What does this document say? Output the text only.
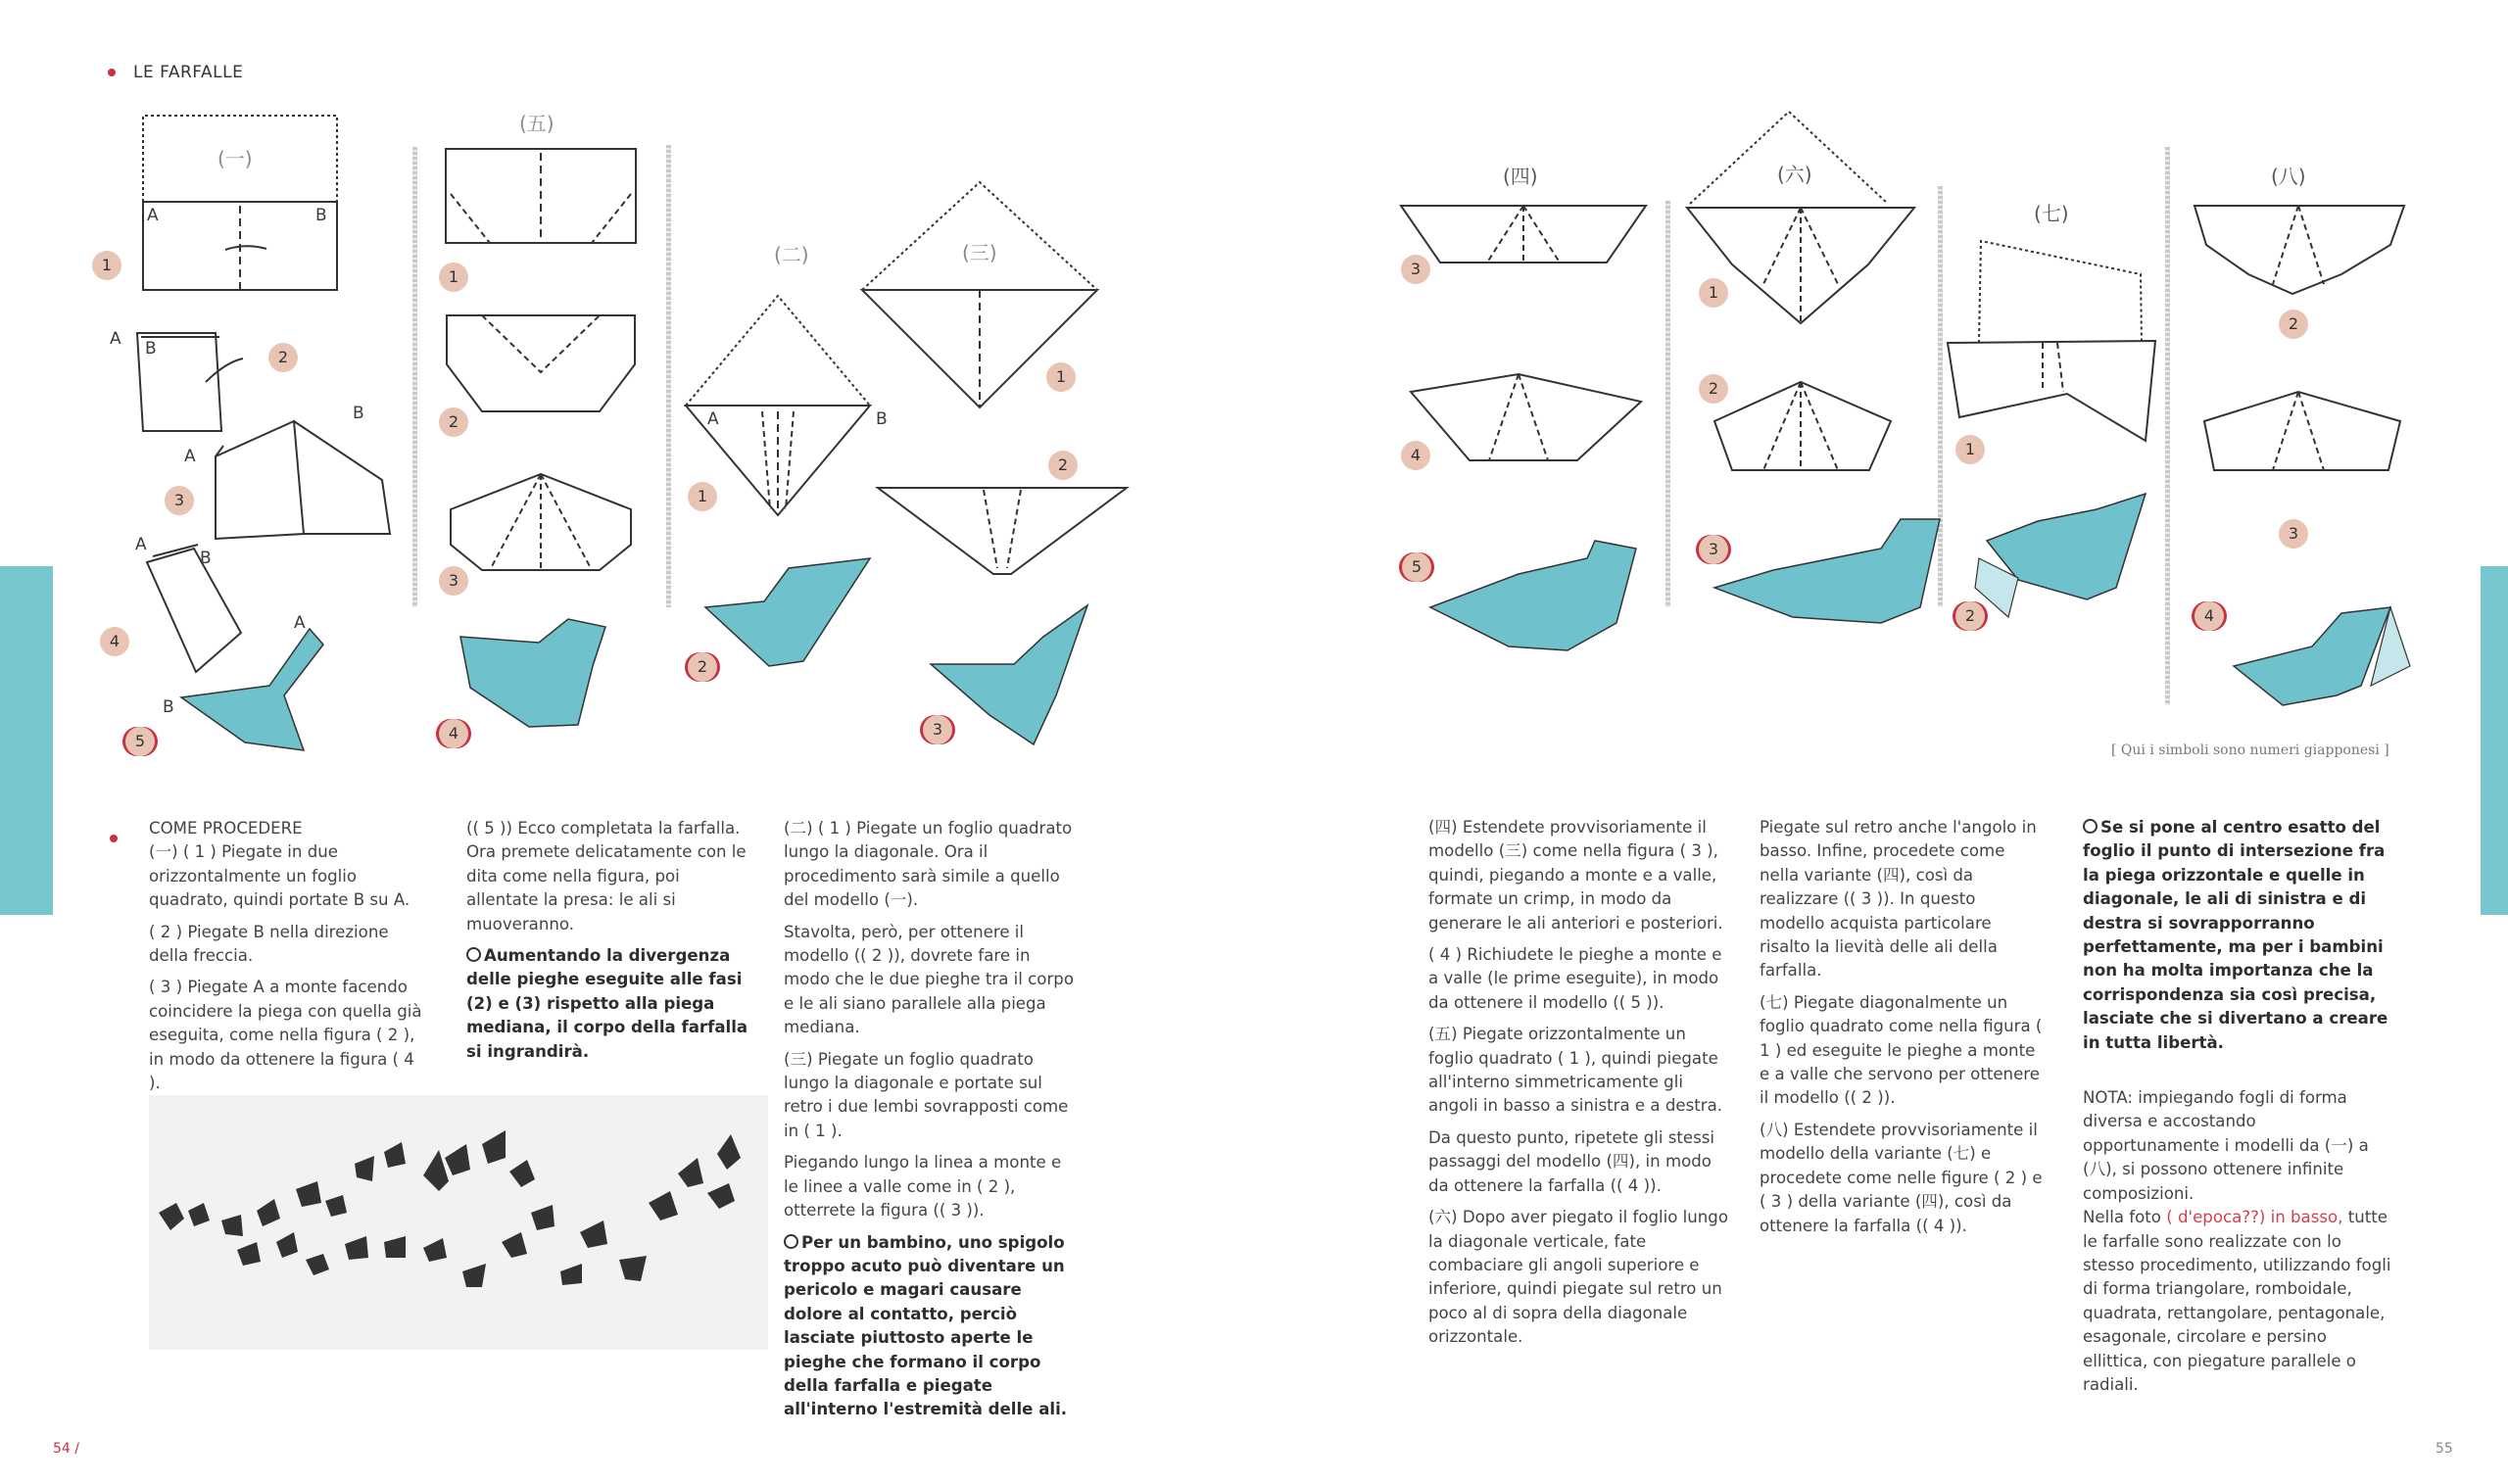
LE FARFALLE
(一)
(五)
(二)	(三)
(四)	(六)
(七)
(八)
A	B
A B
A
B
A
B
A
B
A	B
1
2
3
4
5
1
2
3
4
1
2
1
2
3
3
4
5
1
2
3
1
2
2
3
4
[ Qui i simboli sono numeri giapponesi ]

COME PROCEDERE

(一) ( 1 ) Piegate in due orizzontalmente un foglio quadrato, quindi portate B su A.

( 2 ) Piegate B nella direzione della freccia.

( 3 ) Piegate A a monte facendo coincidere la piega con quella già eseguita, come nella figura ( 2 ), in modo da ottenere la figura ( 4 ).

(( 5 )) Ecco completata la farfalla. Ora premete delicatamente con le dita come nella figura, poi allentate la presa: le ali si muoveranno.

Aumentando la divergenza delle pieghe eseguite alle fasi (2) e (3) rispetto alla piega mediana, il corpo della farfalla si ingrandirà.

(二) ( 1 ) Piegate un foglio quadrato lungo la diagonale. Ora il procedimento sarà simile a quello del modello (一).

Stavolta, però, per ottenere il modello (( 2 )), dovrete fare in modo che le due pieghe tra il corpo e le ali siano parallele alla piega mediana.

(三) Piegate un foglio quadrato lungo la diagonale e portate sul retro i due lembi sovrapposti come in ( 1 ).

Piegando lungo la linea a monte e le linee a valle come in ( 2 ), otterrete la figura (( 3 )).

Per un bambino, uno spigolo troppo acuto può diventare un pericolo e magari causare dolore al contatto, perciò lasciate piuttosto aperte le pieghe che formano il corpo della farfalla e piegate all'interno l'estremità delle ali.

(四) Estendete provvisoriamente il modello (三) come nella figura ( 3 ), quindi, piegando a monte e a valle, formate un crimp, in modo da generare le ali anteriori e posteriori.

( 4 ) Richiudete le pieghe a monte e a valle (le prime eseguite), in modo da ottenere il modello (( 5 )).

(五) Piegate orizzontalmente un foglio quadrato ( 1 ), quindi piegate all'interno simmetricamente gli angoli in basso a sinistra e a destra.

Da questo punto, ripetete gli stessi passaggi del modello (四), in modo da ottenere la farfalla (( 4 )).

(六) Dopo aver piegato il foglio lungo la diagonale verticale, fate combaciare gli angoli superiore e inferiore, quindi piegate sul retro un poco al di sopra della diagonale orizzontale.

Piegate sul retro anche l'angolo in basso. Infine, procedete come nella variante (四), così da realizzare (( 3 )). In questo modello acquista particolare risalto la lievità delle ali della farfalla.

(七) Piegate diagonalmente un foglio quadrato come nella figura ( 1 ) ed eseguite le pieghe a monte e a valle che servono per ottenere il modello (( 2 )).

(八) Estendete provvisoriamente il modello della variante (七) e procedete come nelle figure ( 2 ) e ( 3 ) della variante (四), così da ottenere la farfalla (( 4 )).

Se si pone al centro esatto del foglio il punto di intersezione fra la piega orizzontale e quelle in diagonale, le ali di sinistra e di destra si sovrapporranno perfettamente, ma per i bambini non ha molta importanza che la corrispondenza sia così precisa, lasciate che si divertano a creare in tutta libertà.

NOTA: impiegando fogli di forma diversa e accostando opportunamente i modelli da (一) a (八), si possono ottenere infinite composizioni.

Nella foto ( d'epoca??) in basso, tutte le farfalle sono realizzate con lo stesso procedimento, utilizzando fogli di forma triangolare, romboidale, quadrata, rettangolare, pentagonale, esagonale, circolare e persino ellittica, con piegature parallele o radiali.

54 /	55
